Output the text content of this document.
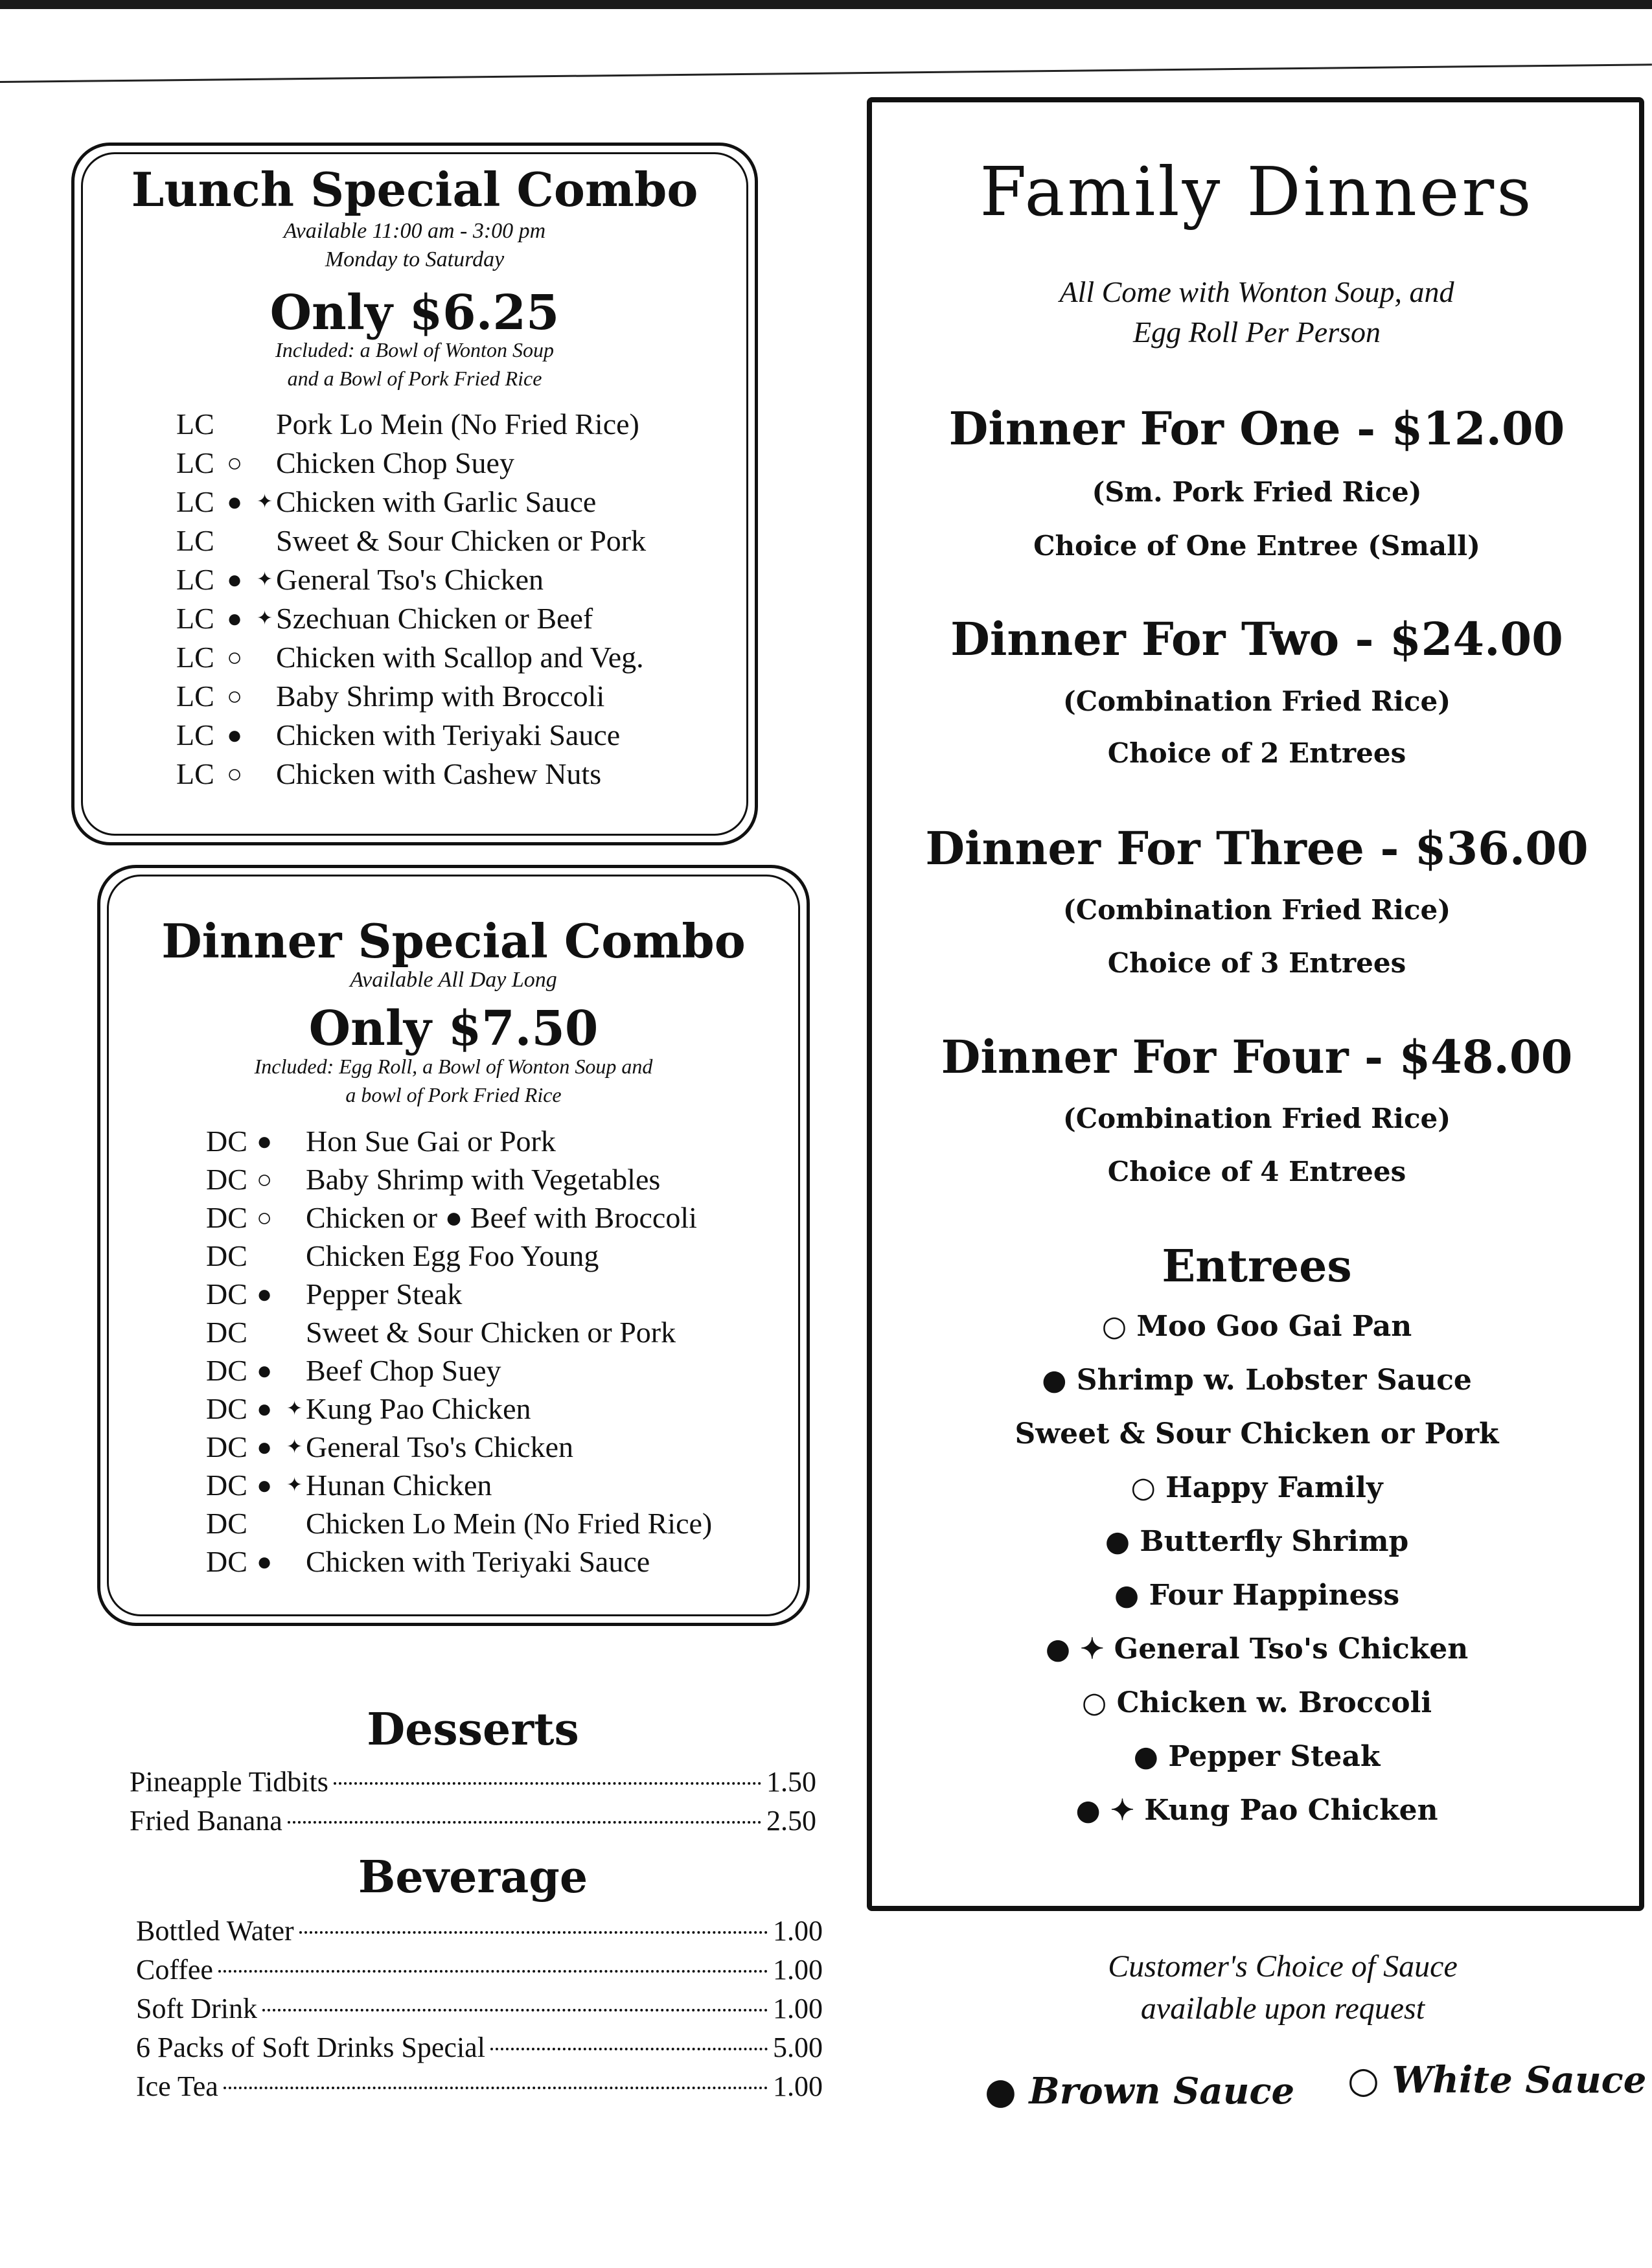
Lunch Special Combo
Available 11:00 am - 3:00 pm
Monday to Saturday
Only $6.25
Included: a Bowl of Wonton Soup
and a Bowl of Pork Fried Rice
LC	Pork Lo Mein (No Fried Rice)
LC ○	Chicken Chop Suey
LC ● ✦ Chicken with Garlic Sauce
LC	Sweet & Sour Chicken or Pork
LC ● ✦ General Tso's Chicken
LC ● ✦ Szechuan Chicken or Beef
LC ○	Chicken with Scallop and Veg.
LC ○	Baby Shrimp with Broccoli
LC ●	Chicken with Teriyaki Sauce
LC ○	Chicken with Cashew Nuts
Dinner Special Combo
Available All Day Long
Only $7.50
Included: Egg Roll, a Bowl of Wonton Soup and
a bowl of Pork Fried Rice
DC ●	Hon Sue Gai or Pork
DC ○	Baby Shrimp with Vegetables
DC ○	Chicken or ● Beef with Broccoli
DC	Chicken Egg Foo Young
DC ●	Pepper Steak
DC	Sweet & Sour Chicken or Pork
DC ●	Beef Chop Suey
DC ● ✦ Kung Pao Chicken
DC ● ✦ General Tso's Chicken
DC ● ✦ Hunan Chicken
DC	Chicken Lo Mein (No Fried Rice)
DC ●	Chicken with Teriyaki Sauce
Desserts
Pineapple Tidbits	1.50
Fried Banana	2.50
Beverage
Bottled Water	1.00
Coffee	1.00
Soft Drink	1.00
6 Packs of Soft Drinks Special	5.00
Ice Tea	1.00
Family Dinners
All Come with Wonton Soup, and
Egg Roll Per Person
Dinner For One - $12.00
(Sm. Pork Fried Rice)
Choice of One Entree (Small)
Dinner For Two - $24.00
(Combination Fried Rice)
Choice of 2 Entrees
Dinner For Three - $36.00
(Combination Fried Rice)
Choice of 3 Entrees
Dinner For Four - $48.00
(Combination Fried Rice)
Choice of 4 Entrees
Entrees
○ Moo Goo Gai Pan
● Shrimp w. Lobster Sauce
Sweet & Sour Chicken or Pork
○ Happy Family
● Butterfly Shrimp
● Four Happiness
● ✦ General Tso's Chicken
○ Chicken w. Broccoli
● Pepper Steak
● ✦ Kung Pao Chicken
Customer's Choice of Sauce
available upon request
● Brown Sauce ○ White Sauce
